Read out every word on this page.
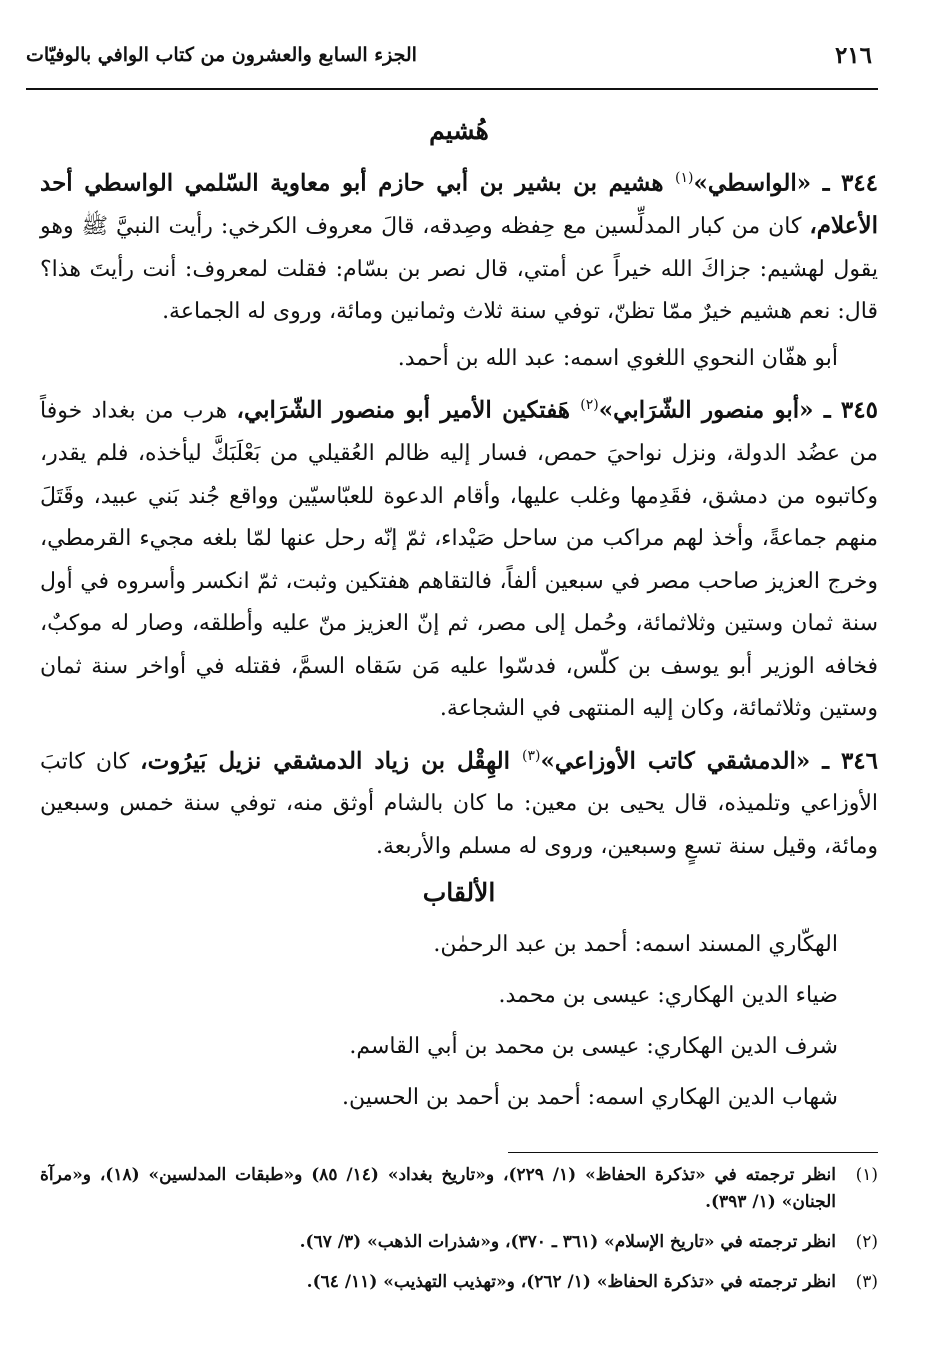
٢١٦
الجزء السابع والعشرون من كتاب الوافي بالوفيّات
هُشيم

٣٤٤ ـ «الواسطي»$^{(١)}$ هشيم بن بشير بن أبي حازم أبو معاوية السّلمي الواسطي أحد الأعلام، كان من كبار المدلِّسين مع حِفظه وصِدقه، قالَ معروف الكرخي: رأيت النبيَّ ﷺ وهو يقول لهشيم: جزاكَ الله خيراً عن أمتي، قال نصر بن بسّام: فقلت لمعروف: أنت رأيتَ هذا؟ قال: نعم هشيم خيرٌ ممّا تظنّ، توفي سنة ثلاث وثمانين ومائة، وروى له الجماعة.

أبو هفّان النحوي اللغوي اسمه: عبد الله بن أحمد.

٣٤٥ ـ «أبو منصور الشّرَابي»$^{(٢)}$ هَفتكين الأمير أبو منصور الشّرَابي، هرب من بغداد خوفاً من عضُد الدولة، ونزل نواحيَ حمص، فسار إليه ظالم العُقيلي من بَعْلَبَكَّ ليأخذه، فلم يقدر، وكاتبوه من دمشق، فقَدِمها وغلب عليها، وأقام الدعوة للعبّاسيّين وواقع جُند بَني عبيد، وقَتَلَ منهم جماعةً، وأخذ لهم مراكب من ساحل صَيْداء، ثمّ إنّه رحل عنها لمّا بلغه مجيء القرمطي، وخرج العزيز صاحب مصر في سبعين ألفاً، فالتقاهم هفتكين وثبت، ثمّ انكسر وأسروه في أول سنة ثمان وستين وثلاثمائة، وحُمل إلى مصر، ثم إنّ العزيز منّ عليه وأطلقه، وصار له موكبٌ، فخافه الوزير أبو يوسف بن كلّس، فدسّوا عليه مَن سَقاه السمَّ، فقتله في أواخر سنة ثمان وستين وثلاثمائة، وكان إليه المنتهى في الشجاعة.

٣٤٦ ـ «الدمشقي كاتب الأوزاعي»$^{(٣)}$ الهِقْل بن زياد الدمشقي نزيل بَيرُوت، كان كاتبَ الأوزاعي وتلميذه، قال يحيى بن معين: ما كان بالشام أوثق منه، توفي سنة خمس وسبعين ومائة، وقيل سنة تسعٍ وسبعين، وروى له مسلم والأربعة.

الألقاب
الهكّاري المسند اسمه: أحمد بن عبد الرحمٰن.
ضياء الدين الهكاري: عيسى بن محمد.
شرف الدين الهكاري: عيسى بن محمد بن أبي القاسم.
شهاب الدين الهكاري اسمه: أحمد بن أحمد بن الحسين.
(١)
انظر ترجمته في «تذكرة الحفاظ» (١/ ٢٢٩)، و«تاريخ بغداد» (١٤/ ٨٥) و«طبقات المدلسين» (١٨)، و«مرآة الجنان» (١/ ٣٩٣).
(٢)
انظر ترجمته في «تاريخ الإسلام» (٣٦١ ـ ٣٧٠)، و«شذرات الذهب» (٣/ ٦٧).
(٣)
انظر ترجمته في «تذكرة الحفاظ» (١/ ٢٦٢)، و«تهذيب التهذيب» (١١/ ٦٤).
